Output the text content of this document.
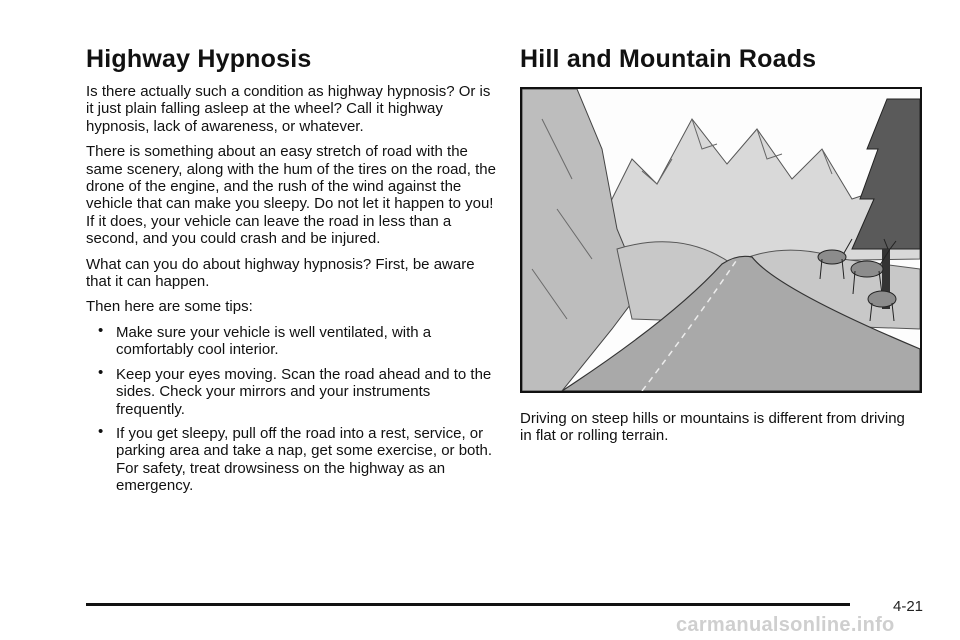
Highway Hypnosis

Is there actually such a condition as highway hypnosis? Or is it just plain falling asleep at the wheel? Call it highway hypnosis, lack of awareness, or whatever.

There is something about an easy stretch of road with the same scenery, along with the hum of the tires on the road, the drone of the engine, and the rush of the wind against the vehicle that can make you sleepy. Do not let it happen to you! If it does, your vehicle can leave the road in less than a second, and you could crash and be injured.

What can you do about highway hypnosis? First, be aware that it can happen.

Then here are some tips:

• Make sure your vehicle is well ventilated, with a comfortably cool interior.
• Keep your eyes moving. Scan the road ahead and to the sides. Check your mirrors and your instruments frequently.
• If you get sleepy, pull off the road into a rest, service, or parking area and take a nap, get some exercise, or both. For safety, treat drowsiness on the highway as an emergency.
Hill and Mountain Roads

Driving on steep hills or mountains is different from driving in flat or rolling terrain.

4-21
carmanualsonline.info
